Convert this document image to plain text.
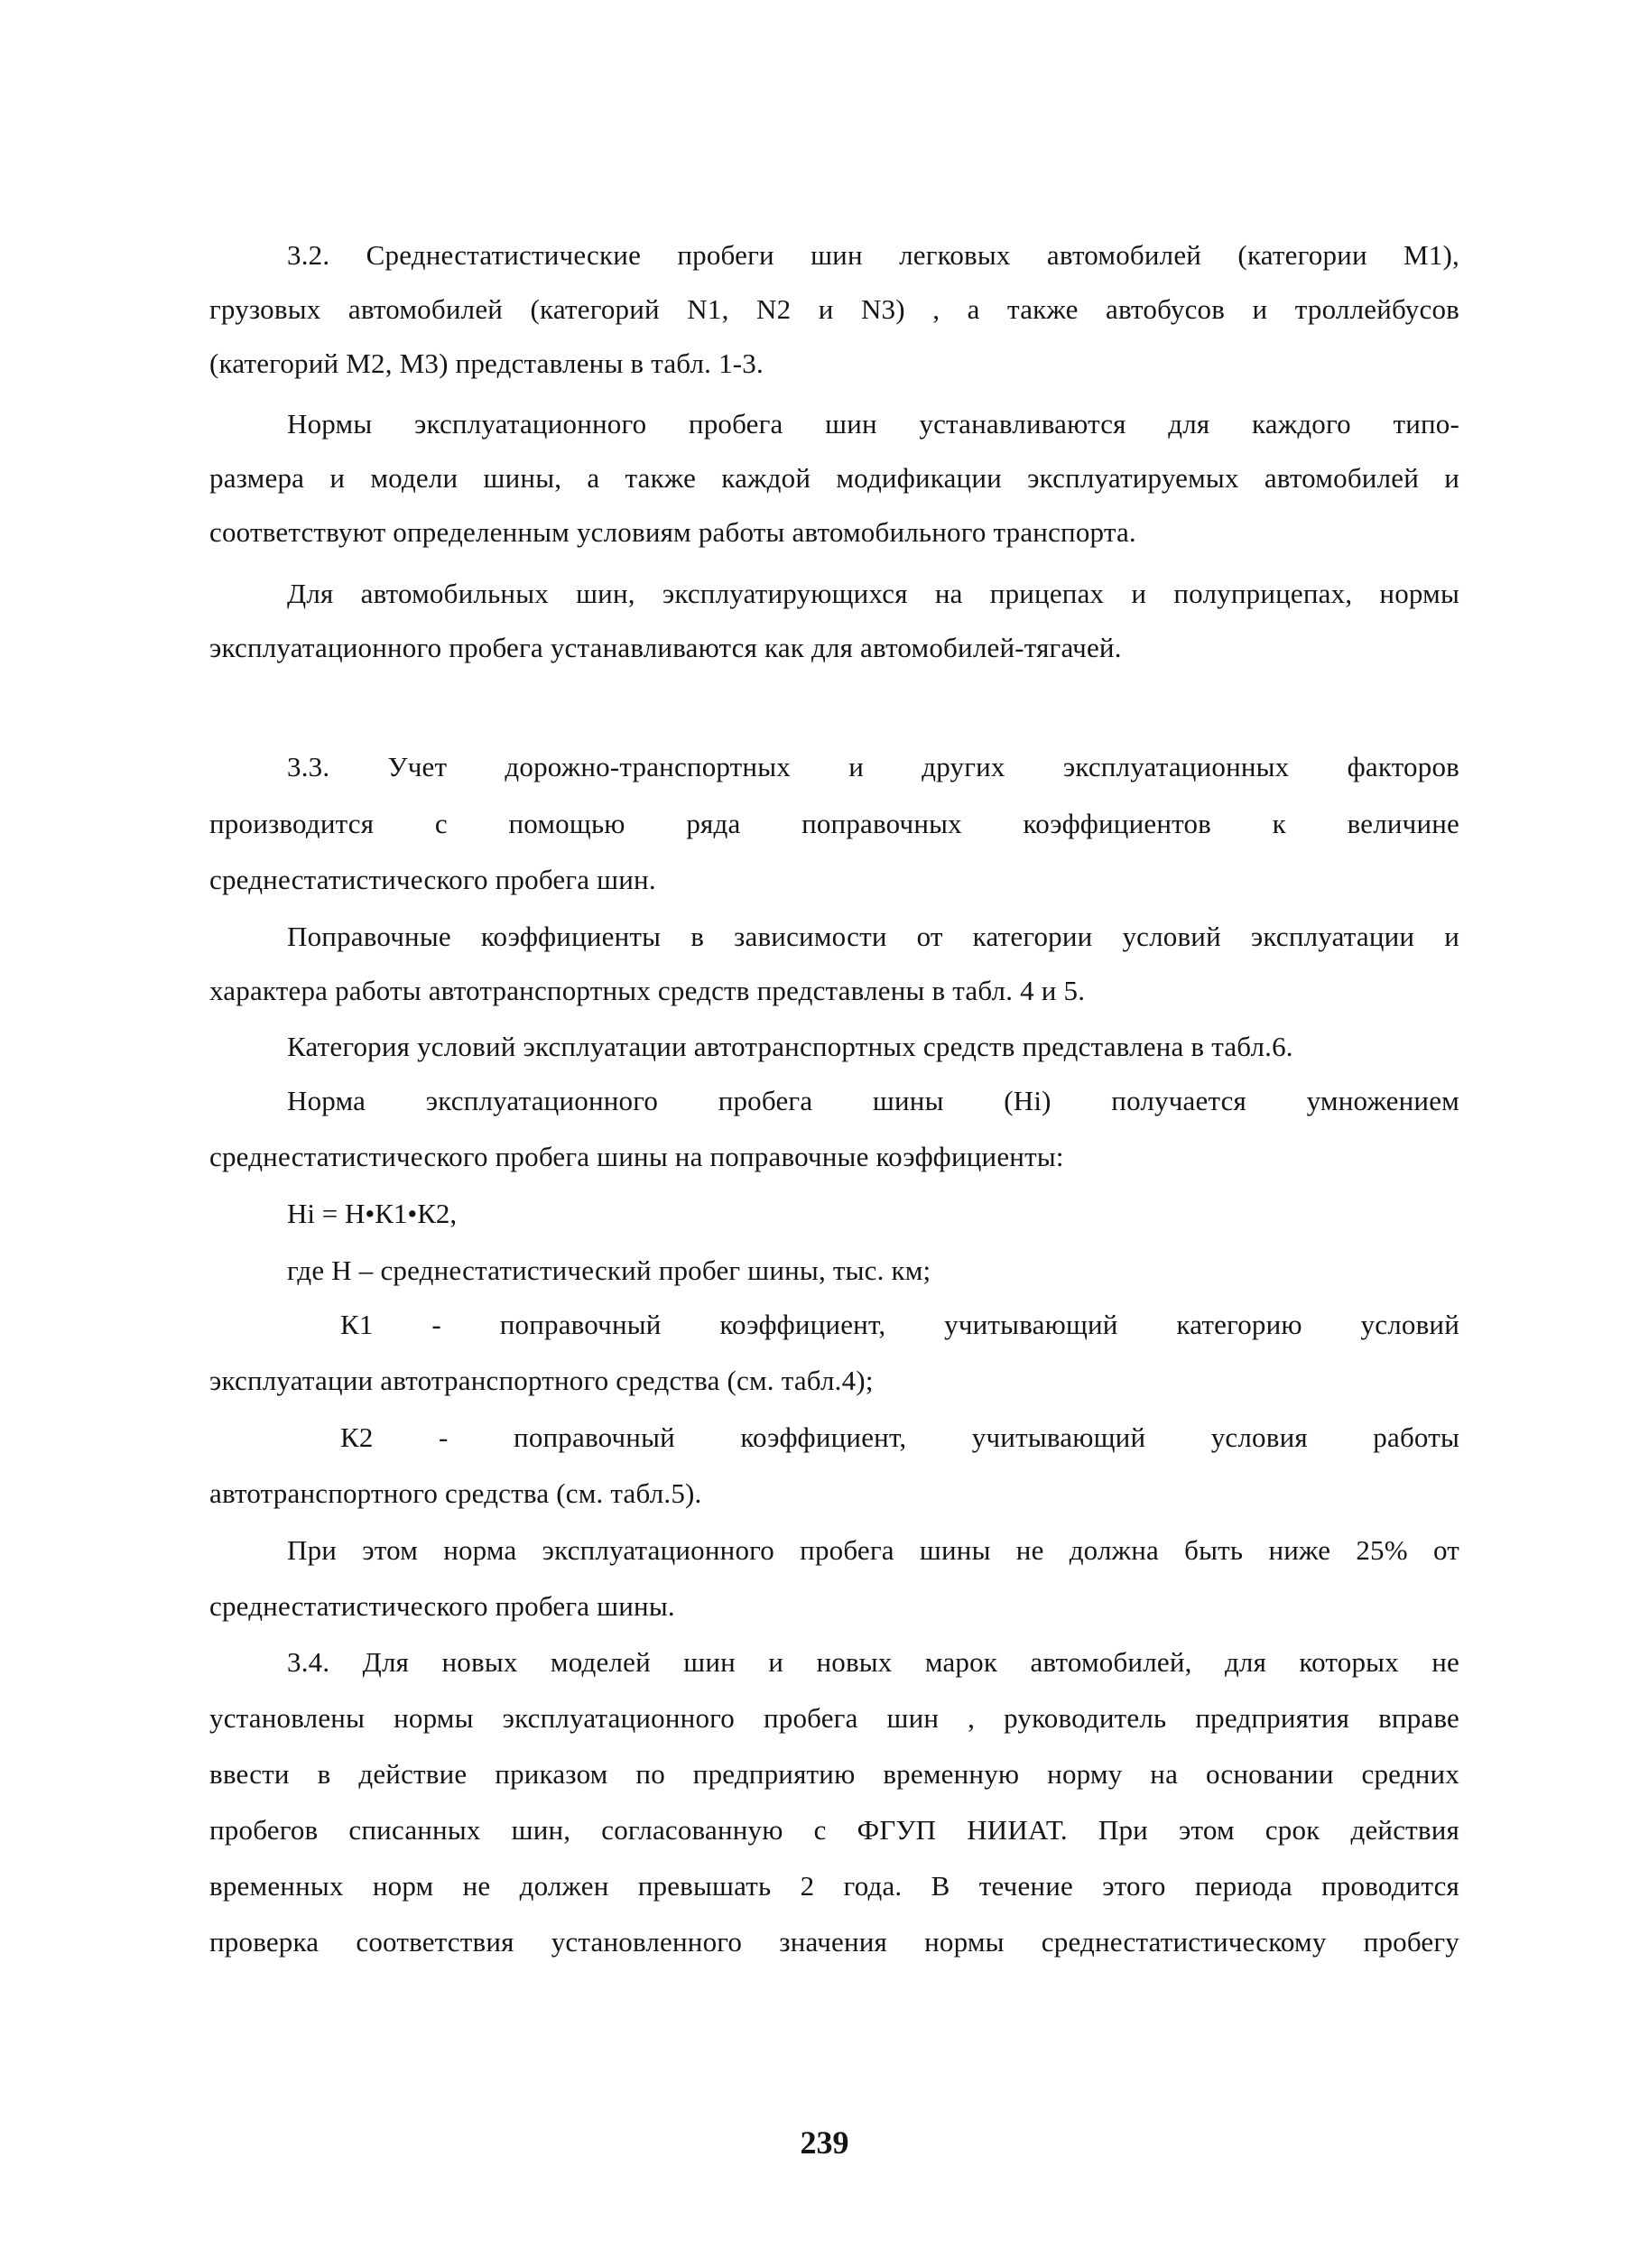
3.2. Среднестатистические пробеги шин легковых автомобилей (категории М1),
грузовых автомобилей (категорий N1, N2 и N3) , а также автобусов и троллейбусов
(категорий М2, М3) представлены в табл. 1-3.
Нормы эксплуатационного пробега шин устанавливаются для каждого типо-
размера и модели шины, а также каждой модификации эксплуатируемых автомобилей и
соответствуют определенным условиям работы автомобильного транспорта.
Для автомобильных шин, эксплуатирующихся на прицепах и полуприцепах, нормы
эксплуатационного пробега устанавливаются как для автомобилей-тягачей.
3.3. Учет дорожно-транспортных и других эксплуатационных факторов
производится с помощью ряда поправочных коэффициентов к величине
среднестатистического пробега шин.
Поправочные коэффициенты в зависимости от категории условий эксплуатации и
характера работы автотранспортных средств представлены в табл. 4 и 5.
Категория условий эксплуатации автотранспортных средств представлена в табл.6.
Норма эксплуатационного пробега шины (Нi) получается умножением
среднестатистического пробега шины на поправочные коэффициенты:
Нi = Н•К1•К2,
где Н – среднестатистический пробег шины, тыс. км;
К1 - поправочный коэффициент, учитывающий категорию условий
эксплуатации автотранспортного средства (см. табл.4);
К2 - поправочный коэффициент, учитывающий условия работы
автотранспортного средства (см. табл.5).
При этом норма эксплуатационного пробега шины не должна быть ниже 25% от
среднестатистического пробега шины.
3.4. Для новых моделей шин и новых марок автомобилей, для которых не
установлены нормы эксплуатационного пробега шин , руководитель предприятия вправе
ввести в действие приказом по предприятию временную норму на основании средних
пробегов списанных шин, согласованную с ФГУП НИИАТ. При этом срок действия
временных норм не должен превышать 2 года. В течение этого периода проводится
проверка соответствия установленного значения нормы среднестатистическому пробегу
239
